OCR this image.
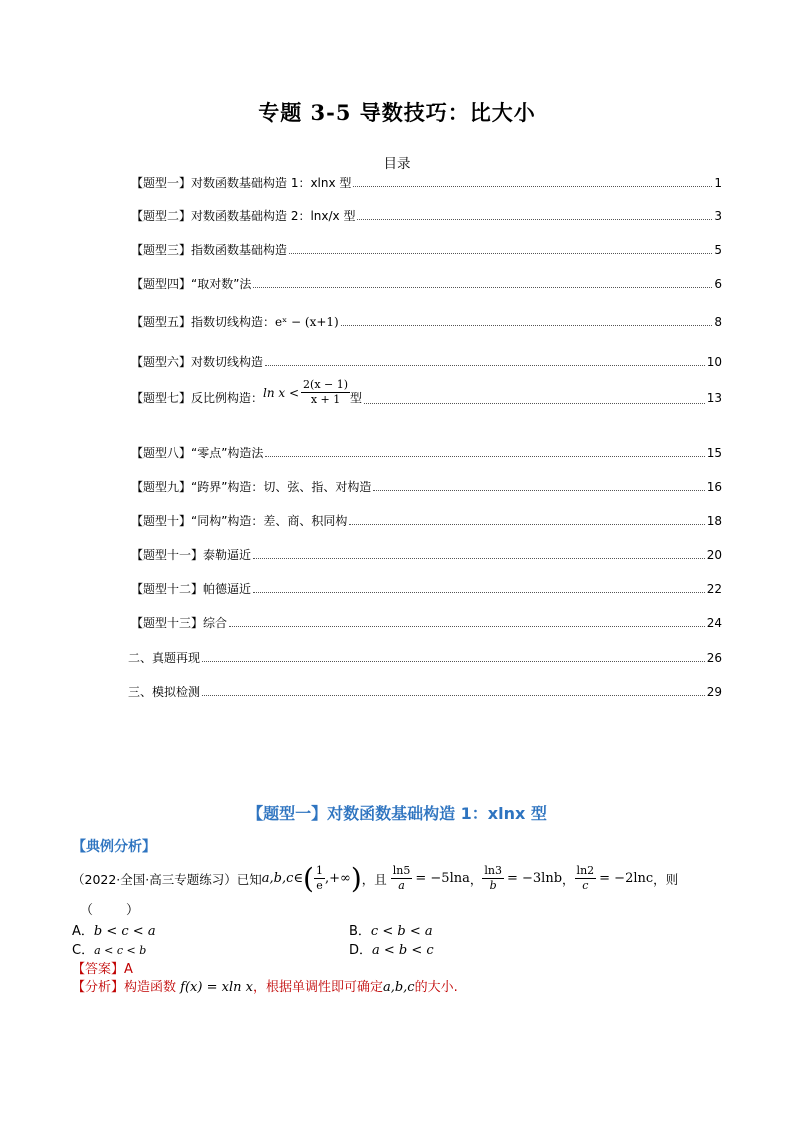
专题 3-5 导数技巧：比大小
目录
【题型一】对数函数基础构造 1：xlnx 型	1
【题型二】对数函数基础构造 2：lnx/x 型	3
【题型三】指数函数基础构造	5
【题型四】“取对数”法	6
【题型五】指数切线构造： eˣ − (x+1)	8
【题型六】对数切线构造	10
【题型七】反比例构造： $\ln x < \frac{2(x - 1)}{x + 1}$ 型	13
【题型八】“零点”构造法	15
【题型九】“跨界”构造：切、弦、指、对构造	16
【题型十】“同构”构造：差、商、积同构	18
【题型十一】泰勒逼近	20
【题型十二】帕德逼近	22
【题型十三】综合	24
二、真题再现	26
三、模拟检测	29
【题型一】对数函数基础构造 1：xlnx 型
【典例分析】
（2022·全国·高三专题练习）已知 a,b,c ∈ ( $\frac{1}{e}$ ,+∞ ) ，且 $\frac{\ln 5}{a} = -5\ln a$ ， $\frac{\ln 3}{b} = -3\ln b$ ， $\frac{\ln 2}{c} = -2\ln c$ ，则
（        ）
A．b < c < a	B．c < b < a
C．a < c < b	D．a < b < c
【答案】A
【分析】构造函数 f(x) = xln x，根据单调性即可确定a,b,c的大小.
